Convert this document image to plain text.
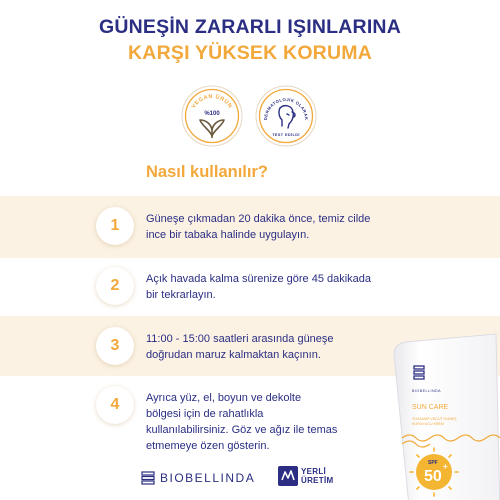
GÜNEŞİN ZARARLI IŞINLARINA
KARŞI YÜKSEK KORUMA
VEGAN ÜRÜN
%100
DERMATOLOJİK OLARAK
TEST EDİLDİ
Nasıl kullanılır?
1	Güneşe çıkmadan 20 dakika önce, temiz cilde
ince bir tabaka halinde uygulayın.
2	Açık havada kalma sürenize göre 45 dakikada
bir tekrarlayın.
3	11:00 - 15:00 saatleri arasında güneşe
doğrudan maruz kalmaktan kaçının.
4	Ayrıca yüz, el, boyun ve dekolte
bölgesi için de rahatlıkla
kullanılabilirsiniz. Göz ve ağız ile temas
etmemeye özen gösterin.
BIOBELLINDA
SUN CARE
YÜZ&AMP;VÜCUT GÜNEŞ
KORUYUCU KREM
SPF
50
+
BIOBELLINDA	YERLİ
ÜRETİM
